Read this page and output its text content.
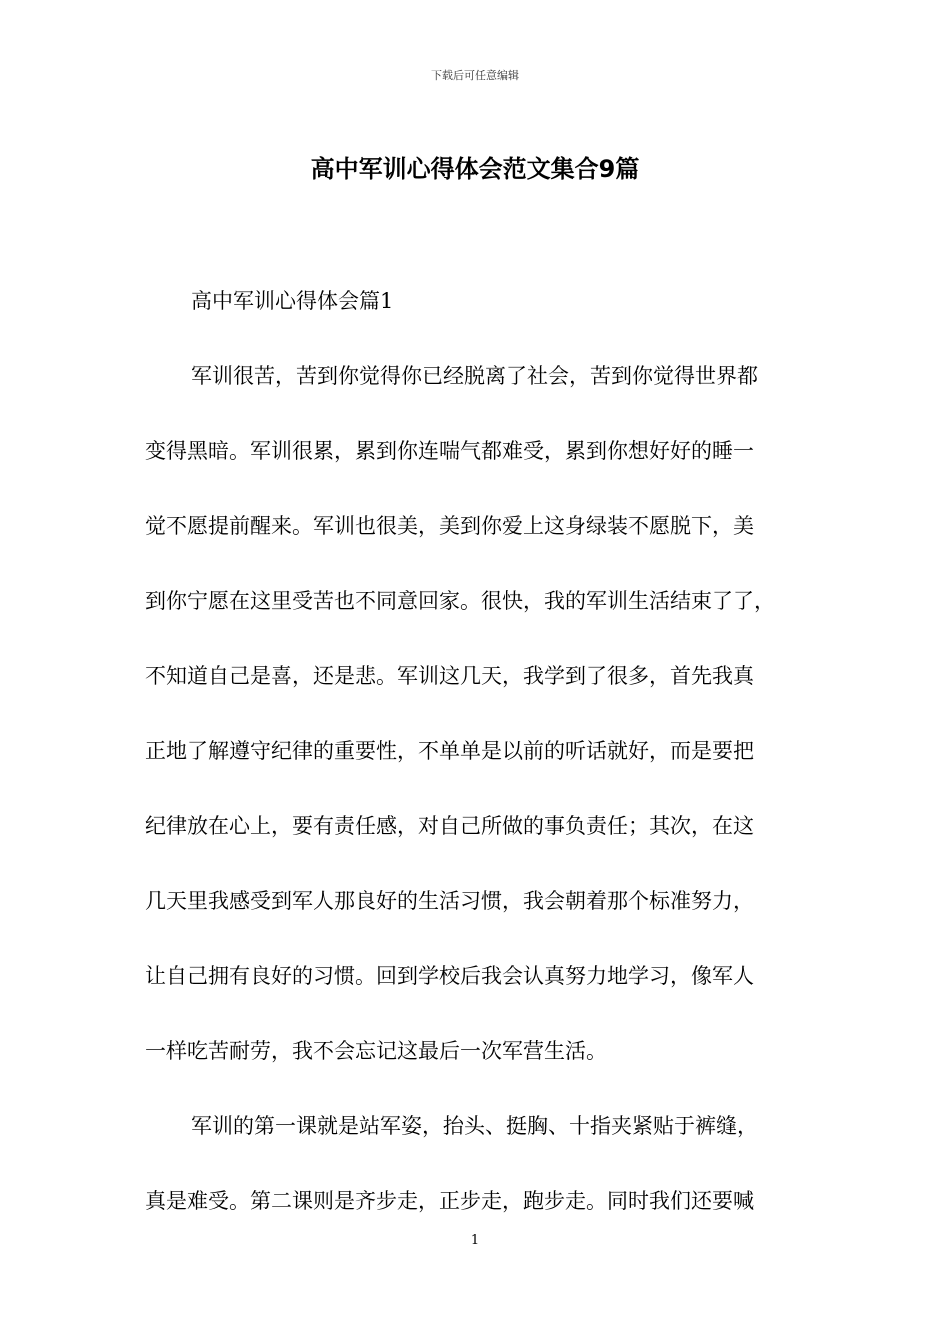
下载后可任意编辑
高中军训心得体会范文集合9篇
高中军训心得体会篇1
军训很苦，苦到你觉得你已经脱离了社会，苦到你觉得世界都
变得黑暗。军训很累，累到你连喘气都难受，累到你想好好的睡一
觉不愿提前醒来。军训也很美，美到你爱上这身绿装不愿脱下，美
到你宁愿在这里受苦也不同意回家。很快，我的军训生活结束了了，
不知道自己是喜，还是悲。军训这几天，我学到了很多，首先我真
正地了解遵守纪律的重要性，不单单是以前的听话就好，而是要把
纪律放在心上，要有责任感，对自己所做的事负责任；其次，在这
几天里我感受到军人那良好的生活习惯，我会朝着那个标准努力，
让自己拥有良好的习惯。回到学校后我会认真努力地学习，像军人
一样吃苦耐劳，我不会忘记这最后一次军营生活。
军训的第一课就是站军姿，抬头、挺胸、十指夹紧贴于裤缝，
真是难受。第二课则是齐步走，正步走，跑步走。同时我们还要喊
1
